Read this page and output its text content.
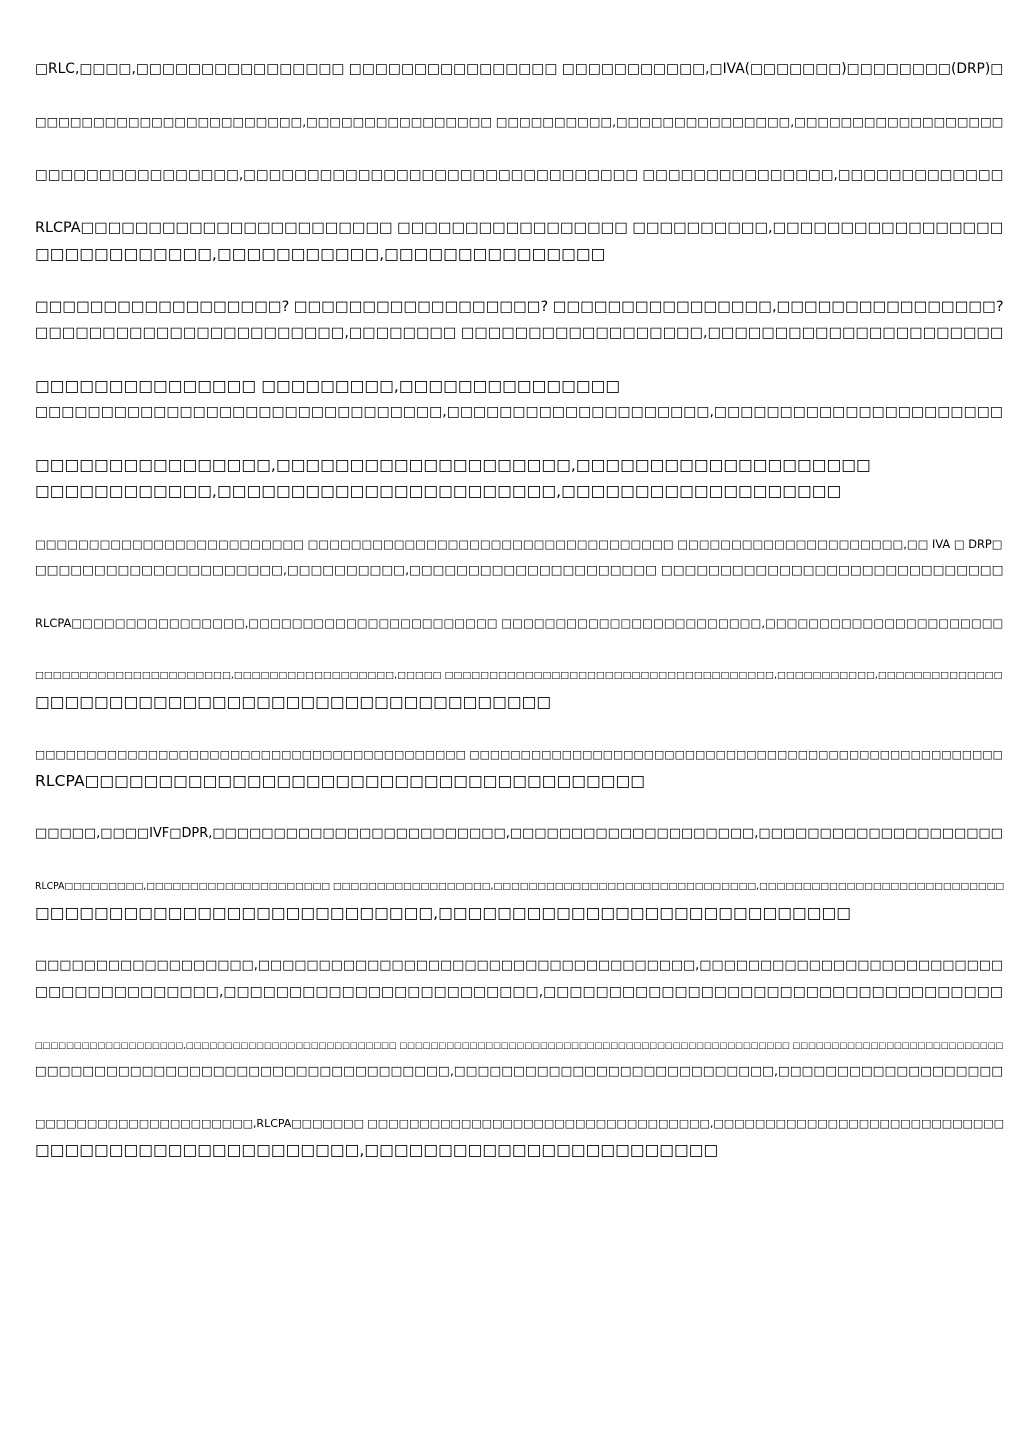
□RLC,□□□□,□□□□□□□□□□□□□□□□ □□□□□□□□□□□□□□□□ □□□□□□□□□□□,□IVA(□□□□□□□)□□□□□□□□(DRP)□

□□□□□□□□□□□□□□□□□□□□□□□,□□□□□□□□□□□□□□□□ □□□□□□□□□□,□□□□□□□□□□□□□□□,□□□□□□□□□□□□□□□□□□

□□□□□□□□□□□□□□□□,□□□□□□□□□□□□□□□□□□□□□□□□□□□□□□□ □□□□□□□□□□□□□□□,□□□□□□□□□□□□□

RLCPA□□□□□□□□□□□□□□□□□□□□□□□ □□□□□□□□□□□□□□□□□ □□□□□□□□□□,□□□□□□□□□□□□□□□□□
□□□□□□□□□□□□,□□□□□□□□□□□,□□□□□□□□□□□□□□□

□□□□□□□□□□□□□□□□□□? □□□□□□□□□□□□□□□□□□? □□□□□□□□□□□□□□□□,□□□□□□□□□□□□□□□□?
□□□□□□□□□□□□□□□□□□□□□□□,□□□□□□□□ □□□□□□□□□□□□□□□□□□,□□□□□□□□□□□□□□□□□□□□□□

□□□□□□□□□□□□□□□ □□□□□□□□□,□□□□□□□□□□□□□□□
□□□□□□□□□□□□□□□□□□□□□□□□□□□□□□□,□□□□□□□□□□□□□□□□□□□□,□□□□□□□□□□□□□□□□□□□□□□

□□□□□□□□□□□□□□□□,□□□□□□□□□□□□□□□□□□□□,□□□□□□□□□□□□□□□□□□□□
□□□□□□□□□□□□,□□□□□□□□□□□□□□□□□□□□□□□,□□□□□□□□□□□□□□□□□□□

□□□□□□□□□□□□□□□□□□□□□□□□□ □□□□□□□□□□□□□□□□□□□□□□□□□□□□□□□□□□ □□□□□□□□□□□□□□□□□□□□□,□□ IVA □ DRP□
□□□□□□□□□□□□□□□□□□□□□,□□□□□□□□□□,□□□□□□□□□□□□□□□□□□□□□ □□□□□□□□□□□□□□□□□□□□□□□□□□□□□

RLCPA□□□□□□□□□□□□□□□□,□□□□□□□□□□□□□□□□□□□□□□□ □□□□□□□□□□□□□□□□□□□□□□□□,□□□□□□□□□□□□□□□□□□□□□□

□□□□□□□□□□□□□□□□□□□□□□,□□□□□□□□□□□□□□□□□□,□□□□□ □□□□□□□□□□□□□□□□□□□□□□□□□□□□□□□□□□□□□,□□□□□□□□□□□,□□□□□□□□□□□□□□
□□□□□□□□□□□□□□□□□□□□□□□□□□□□□□□□□□□

□□□□□□□□□□□□□□□□□□□□□□□□□□□□□□□□□□□□□□□□□□ □□□□□□□□□□□□□□□□□□□□□□□□□□□□□□□□□□□□□□□□□□□□□□□□□□□□
RLCPA□□□□□□□□□□□□□□□□□□□□□□□□□□□□□□□□□□□□□□

□□□□□,□□□□IVF□DPR,□□□□□□□□□□□□□□□□□□□□□□□□,□□□□□□□□□□□□□□□□□□□□,□□□□□□□□□□□□□□□□□□□□

RLCPA□□□□□□□□□,□□□□□□□□□□□□□□□□□□□□□ □□□□□□□□□□□□□□□□□□,□□□□□□□□□□□□□□□□□□□□□□□□□□□□□□,□□□□□□□□□□□□□□□□□□□□□□□□□□□□
□□□□□□□□□□□□□□□□□□□□□□□□□□□,□□□□□□□□□□□□□□□□□□□□□□□□□□□□

□□□□□□□□□□□□□□□□□□,□□□□□□□□□□□□□□□□□□□□□□□□□□□□□□□□□□□□,□□□□□□□□□□□□□□□□□□□□□□□□□
□□□□□□□□□□□□□□,□□□□□□□□□□□□□□□□□□□□□□□□,□□□□□□□□□□□□□□□□□□□□□□□□□□□□□□□□□□□

□□□□□□□□□□□□□□□□□□□,□□□□□□□□□□□□□□□□□□□□□□□□□□□ □□□□□□□□□□□□□□□□□□□□□□□□□□□□□□□□□□□□□□□□□□□□□□□□□□ □□□□□□□□□□□□□□□□□□□□□□□□□□□
□□□□□□□□□□□□□□□□□□□□□□□□□□□□□□□□□□□,□□□□□□□□□□□□□□□□□□□□□□□□□□□,□□□□□□□□□□□□□□□□□□□

□□□□□□□□□□□□□□□□□□□□□,RLCPA□□□□□□□ □□□□□□□□□□□□□□□□□□□□□□□□□□□□□□□□□,□□□□□□□□□□□□□□□□□□□□□□□□□□□□
□□□□□□□□□□□□□□□□□□□□□□,□□□□□□□□□□□□□□□□□□□□□□□□
